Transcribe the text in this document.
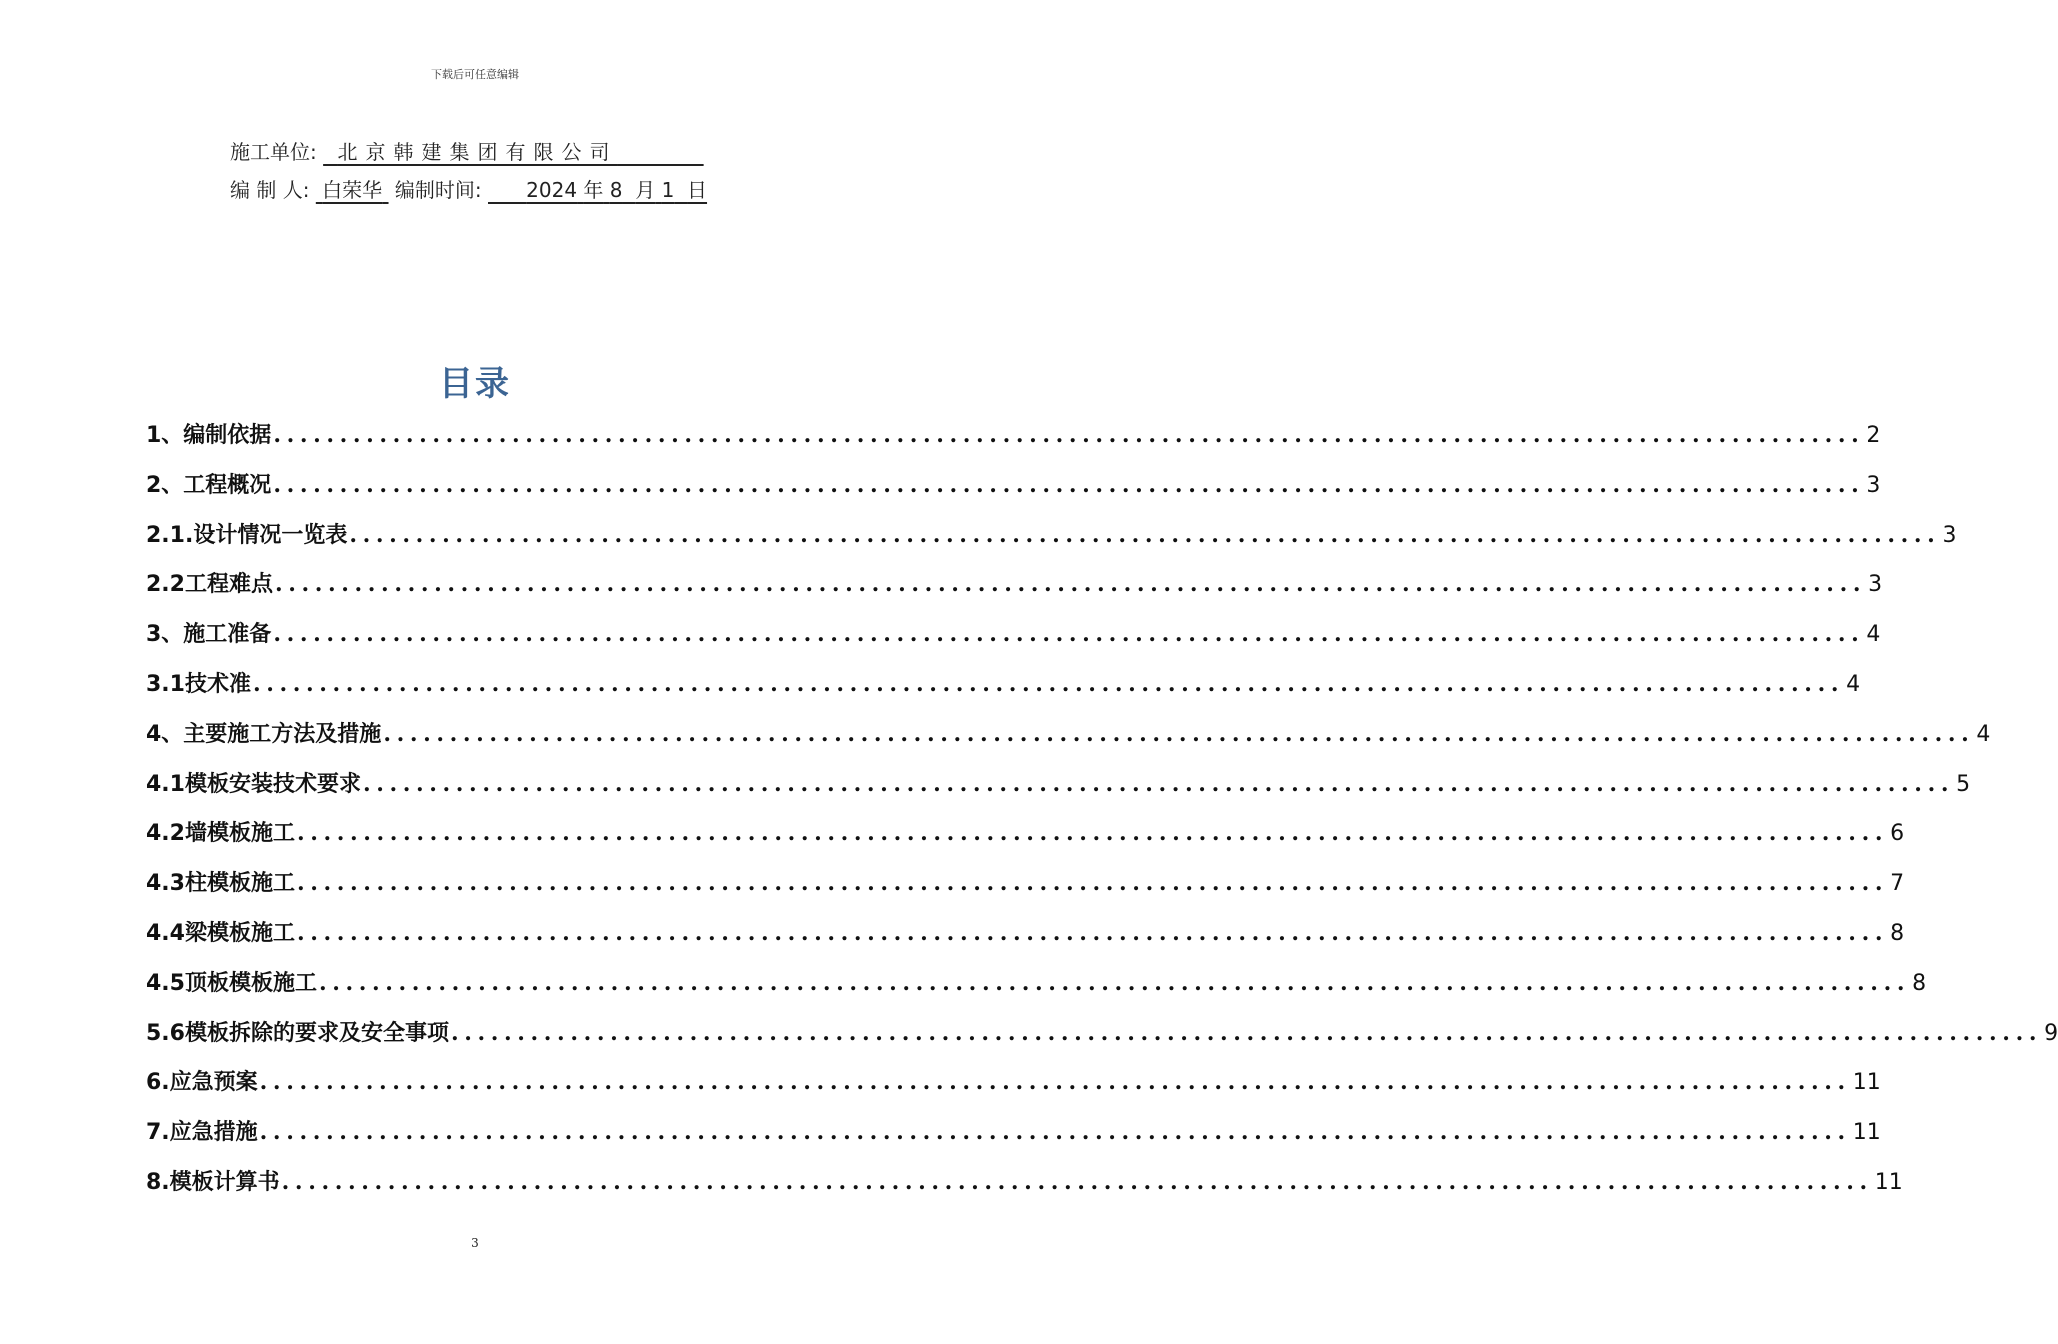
下载后可任意编辑
施工单位: 北京韩建集团有限公司
编 制 人: 白荣华 编制时间: 2024 年 8 月 1 日
目录
1、编制依据 ........................................................................................................................ 2
2、工程概况 ........................................................................................................................ 3
2.1.设计情况一览表 ........................................................................................................................ 3
2.2工程难点 ........................................................................................................................ 3
3、施工准备 ........................................................................................................................ 4
3.1技术准 ........................................................................................................................ 4
4、主要施工方法及措施 ........................................................................................................................ 4
4.1模板安装技术要求 ........................................................................................................................ 5
4.2墙模板施工 ........................................................................................................................ 6
4.3柱模板施工 ........................................................................................................................ 7
4.4梁模板施工 ........................................................................................................................ 8
4.5顶板模板施工 ........................................................................................................................ 8
5.6模板拆除的要求及安全事项 ........................................................................................................................ 9
6.应急预案 ........................................................................................................................ 11
7.应急措施 ........................................................................................................................ 11
8.模板计算书 ........................................................................................................................ 11
3
